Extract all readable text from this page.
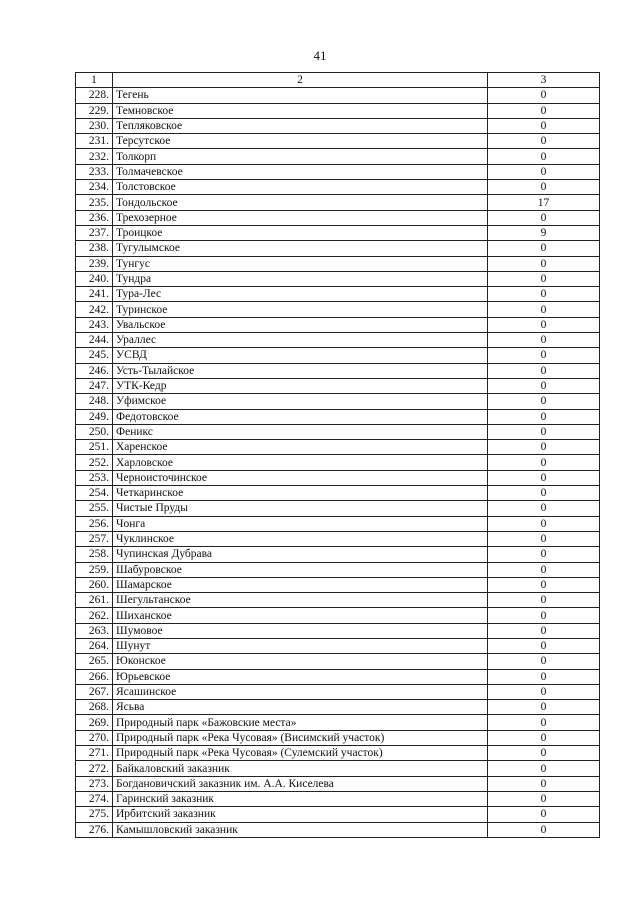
41
1	2	3
228.	Тегень	0
229.	Темновское	0
230.	Тепляковское	0
231.	Терсутское	0
232.	Толкорп	0
233.	Толмачевское	0
234.	Толстовское	0
235.	Тондольское	17
236.	Трехозерное	0
237.	Троицкое	9
238.	Тугулымское	0
239.	Тунгус	0
240.	Тундра	0
241.	Тура-Лес	0
242.	Туринское	0
243.	Увальское	0
244.	Ураллес	0
245.	УСВД	0
246.	Усть-Тылайское	0
247.	УТК-Кедр	0
248.	Уфимское	0
249.	Федотовское	0
250.	Феникс	0
251.	Харенское	0
252.	Харловское	0
253.	Черноисточинское	0
254.	Четкаринское	0
255.	Чистые Пруды	0
256.	Чонга	0
257.	Чуклинское	0
258.	Чупинская Дубрава	0
259.	Шабуровское	0
260.	Шамарское	0
261.	Шегультанское	0
262.	Шиханское	0
263.	Шумовое	0
264.	Шунут	0
265.	Юконское	0
266.	Юрьевское	0
267.	Ясашинское	0
268.	Ясьва	0
269.	Природный парк «Бажовские места»	0
270.	Природный парк «Река Чусовая» (Висимский участок)	0
271.	Природный парк «Река Чусовая» (Сулемский участок)	0
272.	Байкаловский заказник	0
273.	Богдановичский заказник им. А.А. Киселева	0
274.	Гаринский заказник	0
275.	Ирбитский заказник	0
276.	Камышловский заказник	0
